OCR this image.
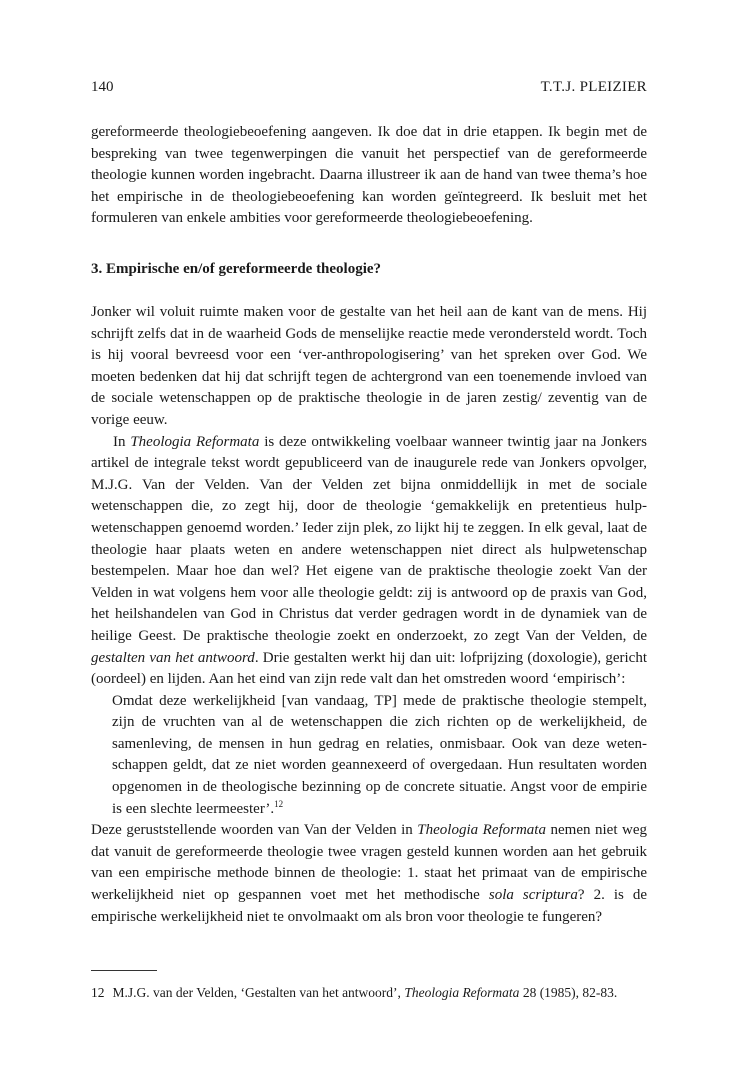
140	T.T.J. PLEIZIER

gereformeerde theologiebeoefening aangeven. Ik doe dat in drie etappen. Ik begin met de bespreking van twee tegenwerpingen die vanuit het perspectief van de gereformeerde theologie kunnen worden ingebracht. Daarna illustreer ik aan de hand van twee thema’s hoe het empirische in de theologiebeoefening kan worden geïntegreerd. Ik besluit met het formuleren van enkele ambities voor gereformeerde theologiebeoefening.

3. Empirische en/of gereformeerde theologie?

Jonker wil voluit ruimte maken voor de gestalte van het heil aan de kant van de mens. Hij schrijft zelfs dat in de waarheid Gods de menselijke reactie mede verondersteld wordt. Toch is hij vooral bevreesd voor een ‘ver-anthropologisering’ van het spreken over God. We moeten bedenken dat hij dat schrijft tegen de achtergrond van een toenemende invloed van de sociale wetenschappen op de praktische theologie in de jaren zestig/ zeventig van de vorige eeuw.

In Theologia Reformata is deze ontwikkeling voelbaar wanneer twintig jaar na Jonkers artikel de integrale tekst wordt gepubliceerd van de inaugurele rede van Jonkers opvolger, M.J.G. Van der Velden. Van der Velden zet bijna onmiddellijk in met de sociale wetenschappen die, zo zegt hij, door de theologie ‘gemakkelijk en pretentieus hulpwetenschappen genoemd worden.’ Ieder zijn plek, zo lijkt hij te zeggen. In elk geval, laat de theologie haar plaats weten en andere wetenschappen niet direct als hulpwetenschap bestempelen. Maar hoe dan wel? Het eigene van de praktische theologie zoekt Van der Velden in wat volgens hem voor alle theologie geldt: zij is antwoord op de praxis van God, het heilshandelen van God in Christus dat verder gedragen wordt in de dynamiek van de heilige Geest. De praktische theologie zoekt en onderzoekt, zo zegt Van der Velden, de gestalten van het antwoord. Drie gestalten werkt hij dan uit: lofprijzing (doxologie), gericht (oordeel) en lijden. Aan het eind van zijn rede valt dan het omstreden woord ‘empirisch’:

Omdat deze werkelijkheid [van vandaag, TP] mede de praktische theologie stempelt, zijn de vruchten van al de wetenschappen die zich richten op de werkelijkheid, de samenleving, de mensen in hun gedrag en relaties, onmisbaar. Ook van deze wetenschappen geldt, dat ze niet worden geannexeerd of overgedaan. Hun resultaten worden opgenomen in de theologische bezinning op de concrete situatie. Angst voor de empirie is een slechte leermeester’.$^{12}$

Deze geruststellende woorden van Van der Velden in Theologia Reformata nemen niet weg dat vanuit de gereformeerde theologie twee vragen gesteld kunnen worden aan het gebruik van een empirische methode binnen de theologie: 1. staat het primaat van de empirische werkelijkheid niet op gespannen voet met het methodische sola scriptura? 2. is de empirische werkelijkheid niet te onvolmaakt om als bron voor theologie te fungeren?

12 M.J.G. van der Velden, ‘Gestalten van het antwoord’, Theologia Reformata 28 (1985), 82-83.
